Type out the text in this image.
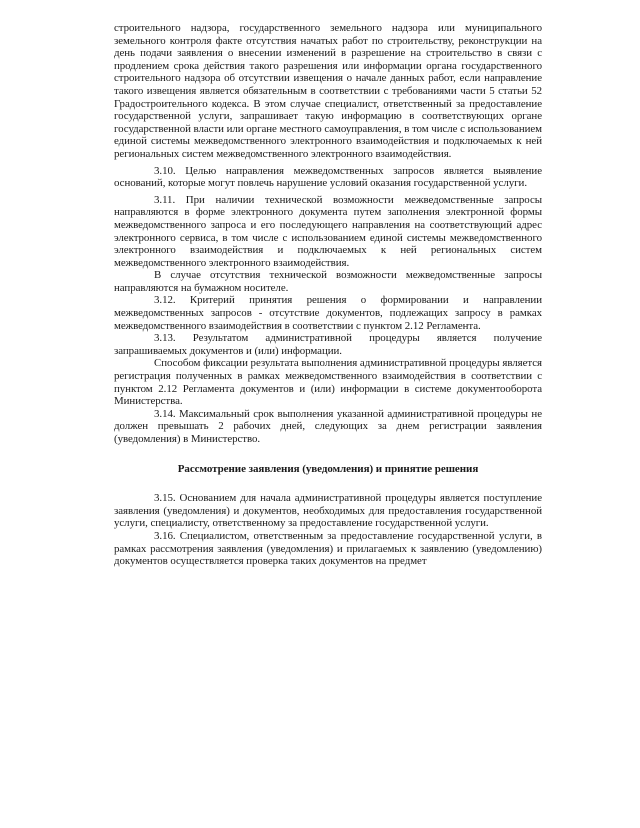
строительного надзора, государственного земельного надзора или муниципального земельного контроля факте отсутствия начатых работ по строительству, реконструкции на день подачи заявления о внесении изменений в разрешение на строительство в связи с продлением срока действия такого разрешения или информации органа государственного строительного надзора об отсутствии извещения о начале данных работ, если направление такого извещения является обязательным в соответствии с требованиями части 5 статьи 52 Градостроительного кодекса. В этом случае специалист, ответственный за предоставление государственной услуги, запрашивает такую информацию в соответствующих органе государственной власти или органе местного самоуправления, в том числе с использованием единой системы межведомственного электронного взаимодействия и подключаемых к ней региональных систем межведомственного электронного взаимодействия.

3.10. Целью направления межведомственных запросов является выявление оснований, которые могут повлечь нарушение условий оказания государственной услуги.

3.11. При наличии технической возможности межведомственные запросы направляются в форме электронного документа путем заполнения электронной формы межведомственного запроса и его последующего направления на соответствующий адрес электронного сервиса, в том числе с использованием единой системы межведомственного электронного взаимодействия и подключаемых к ней региональных систем межведомственного электронного взаимодействия.

В случае отсутствия технической возможности межведомственные запросы направляются на бумажном носителе.

3.12. Критерий принятия решения о формировании и направлении межведомственных запросов - отсутствие документов, подлежащих запросу в рамках межведомственного взаимодействия в соответствии с пунктом 2.12 Регламента.

3.13. Результатом административной процедуры является получение запрашиваемых документов и (или) информации.

Способом фиксации результата выполнения административной процедуры является регистрация полученных в рамках межведомственного взаимодействия в соответствии с пунктом 2.12 Регламента документов и (или) информации в системе документооборота Министерства.

3.14. Максимальный срок выполнения указанной административной процедуры не должен превышать 2 рабочих дней, следующих за днем регистрации заявления (уведомления) в Министерство.

Рассмотрение заявления (уведомления) и принятие решения

3.15. Основанием для начала административной процедуры является поступление заявления (уведомления) и документов, необходимых для предоставления государственной услуги, специалисту, ответственному за предоставление государственной услуги.

3.16. Специалистом, ответственным за предоставление государственной услуги, в рамках рассмотрения заявления (уведомления) и прилагаемых к заявлению (уведомлению) документов осуществляется проверка таких документов на предмет
